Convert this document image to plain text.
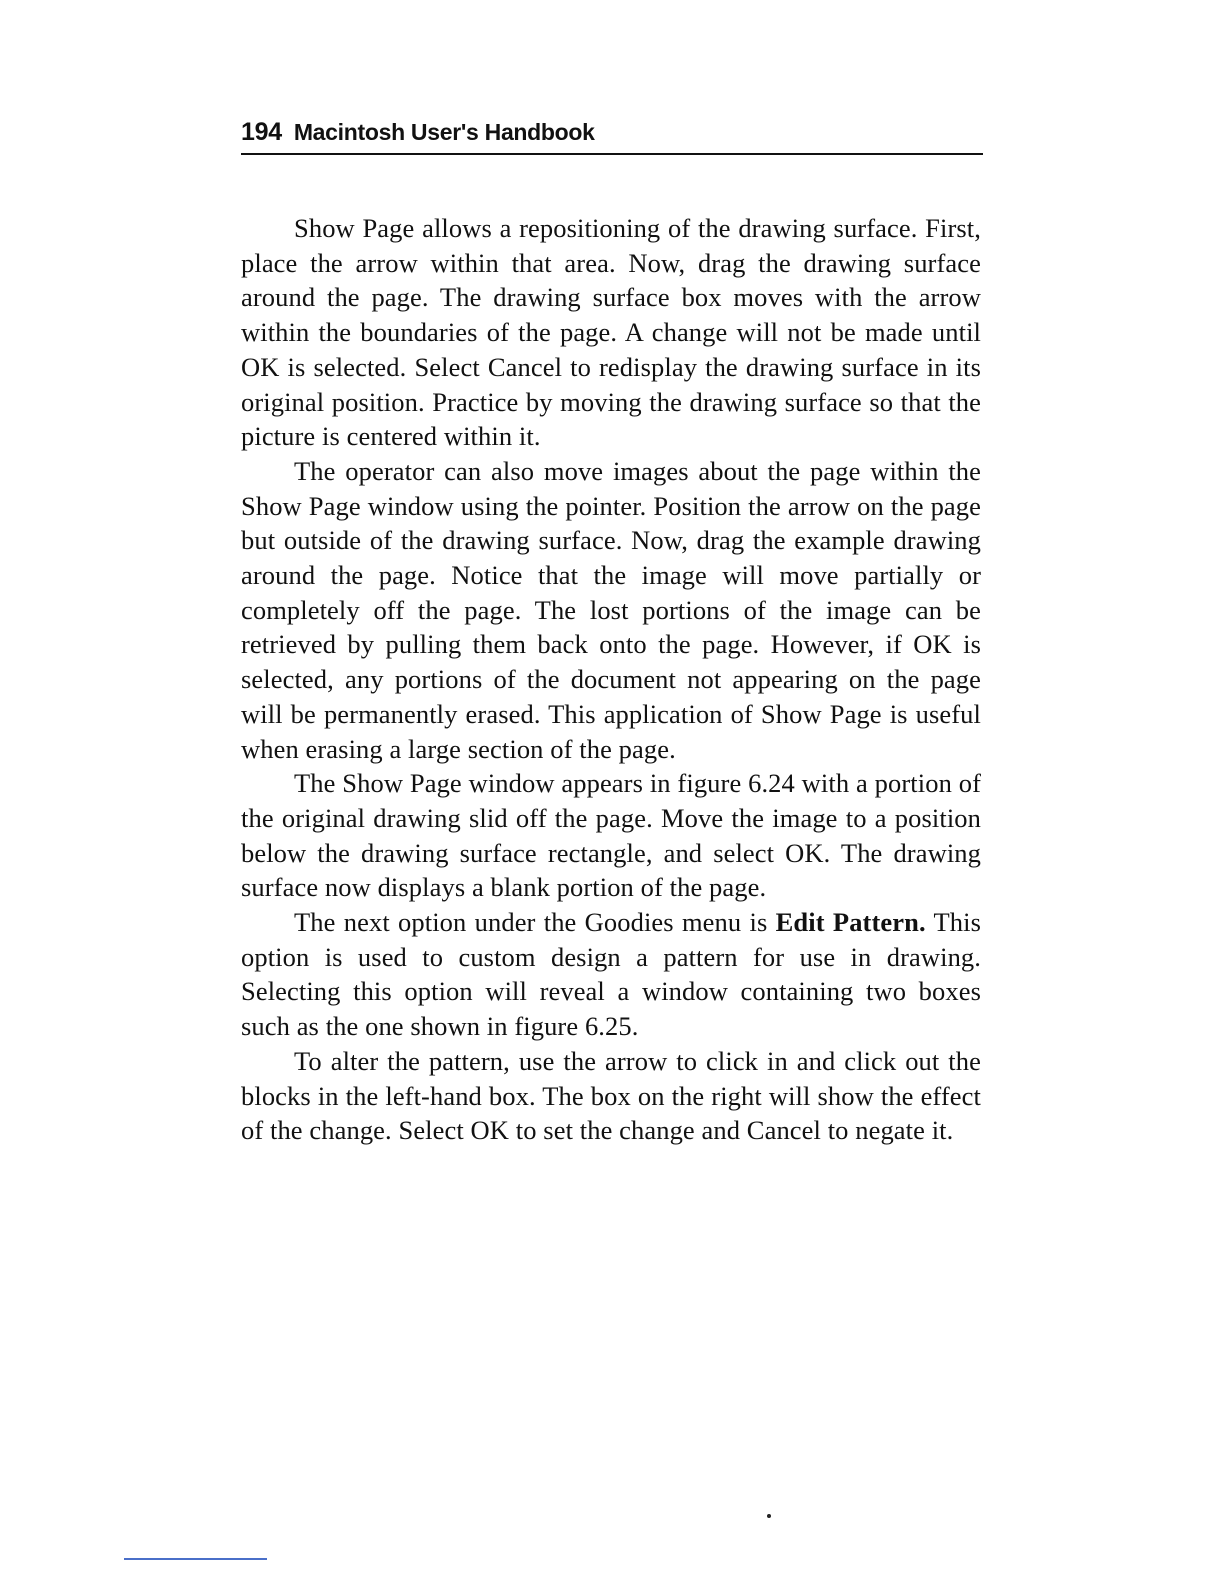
194 Macintosh User's Handbook

Show Page allows a repositioning of the drawing surface. First, place the arrow within that area. Now, drag the drawing surface around the page. The drawing surface box moves with the arrow within the boundaries of the page. A change will not be made until OK is selected. Select Cancel to redisplay the drawing surface in its original position. Practice by moving the drawing surface so that the picture is centered within it.

The operator can also move images about the page within the Show Page window using the pointer. Position the arrow on the page but outside of the drawing surface. Now, drag the example drawing around the page. Notice that the image will move partially or completely off the page. The lost portions of the image can be retrieved by pulling them back onto the page. However, if OK is selected, any portions of the document not appearing on the page will be permanently erased. This application of Show Page is useful when erasing a large section of the page.

The Show Page window appears in figure 6.24 with a portion of the original drawing slid off the page. Move the image to a position below the drawing surface rectangle, and select OK. The drawing surface now displays a blank portion of the page.

The next option under the Goodies menu is Edit Pattern. This option is used to custom design a pattern for use in drawing. Selecting this option will reveal a window containing two boxes such as the one shown in figure 6.25.

To alter the pattern, use the arrow to click in and click out the blocks in the left-hand box. The box on the right will show the effect of the change. Select OK to set the change and Cancel to negate it.
